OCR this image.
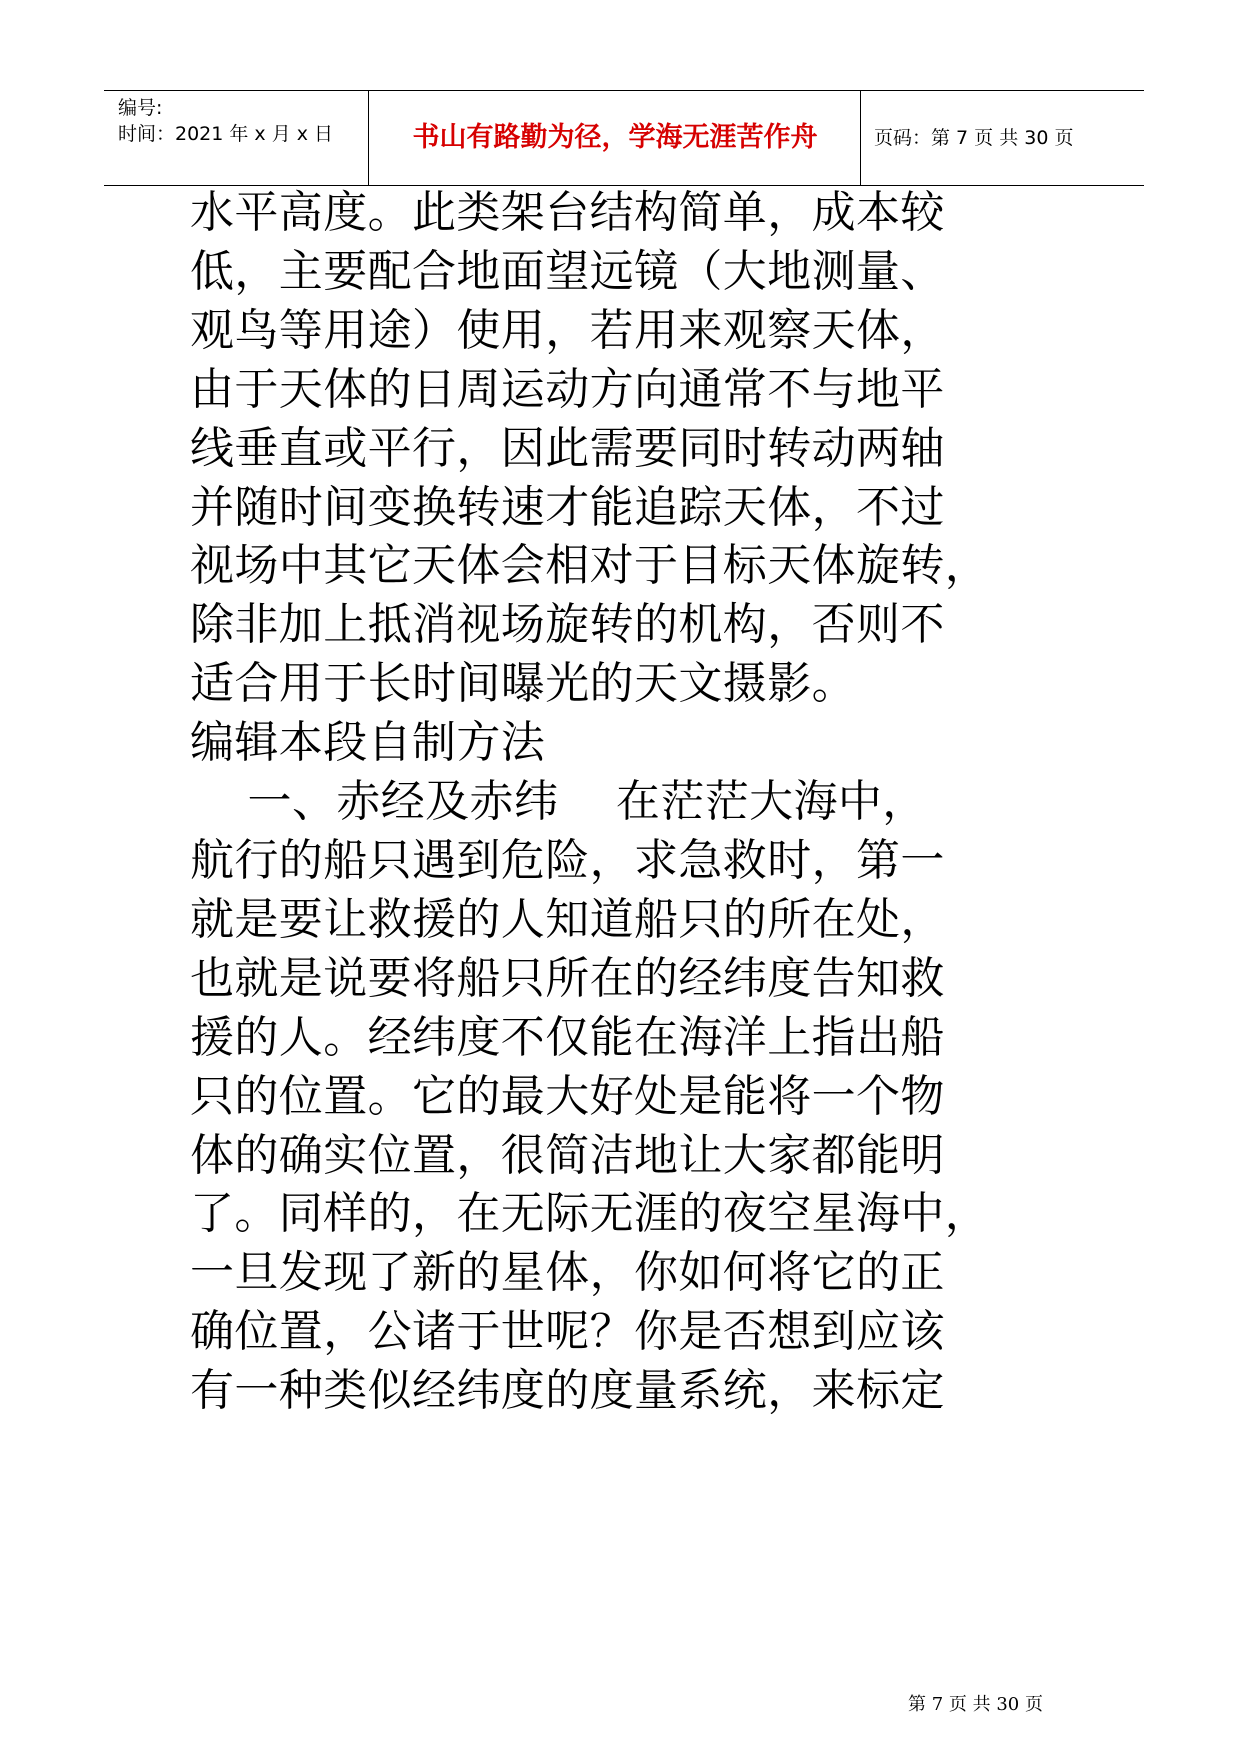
编号:
时间：2021 年 x 月 x 日	书山有路勤为径，学海无涯苦作舟	页码：第 7 页 共 30 页

水平高度。此类架台结构简单，成本较

低，主要配合地面望远镜（大地测量、

观鸟等用途）使用，若用来观察天体，

由于天体的日周运动方向通常不与地平

线垂直或平行，因此需要同时转动两轴

并随时间变换转速才能追踪天体，不过

视场中其它天体会相对于目标天体旋转，

除非加上抵消视场旋转的机构，否则不

适合用于长时间曝光的天文摄影。

编辑本段自制方法

一、赤经及赤纬    在茫茫大海中，

航行的船只遇到危险，求急救时，第一

就是要让救援的人知道船只的所在处，

也就是说要将船只所在的经纬度告知救

援的人。经纬度不仅能在海洋上指出船

只的位置。它的最大好处是能将一个物

体的确实位置，很简洁地让大家都能明

了。同样的，在无际无涯的夜空星海中，

一旦发现了新的星体，你如何将它的正

确位置，公诸于世呢？你是否想到应该

有一种类似经纬度的度量系统，来标定

第 7 页 共 30 页
